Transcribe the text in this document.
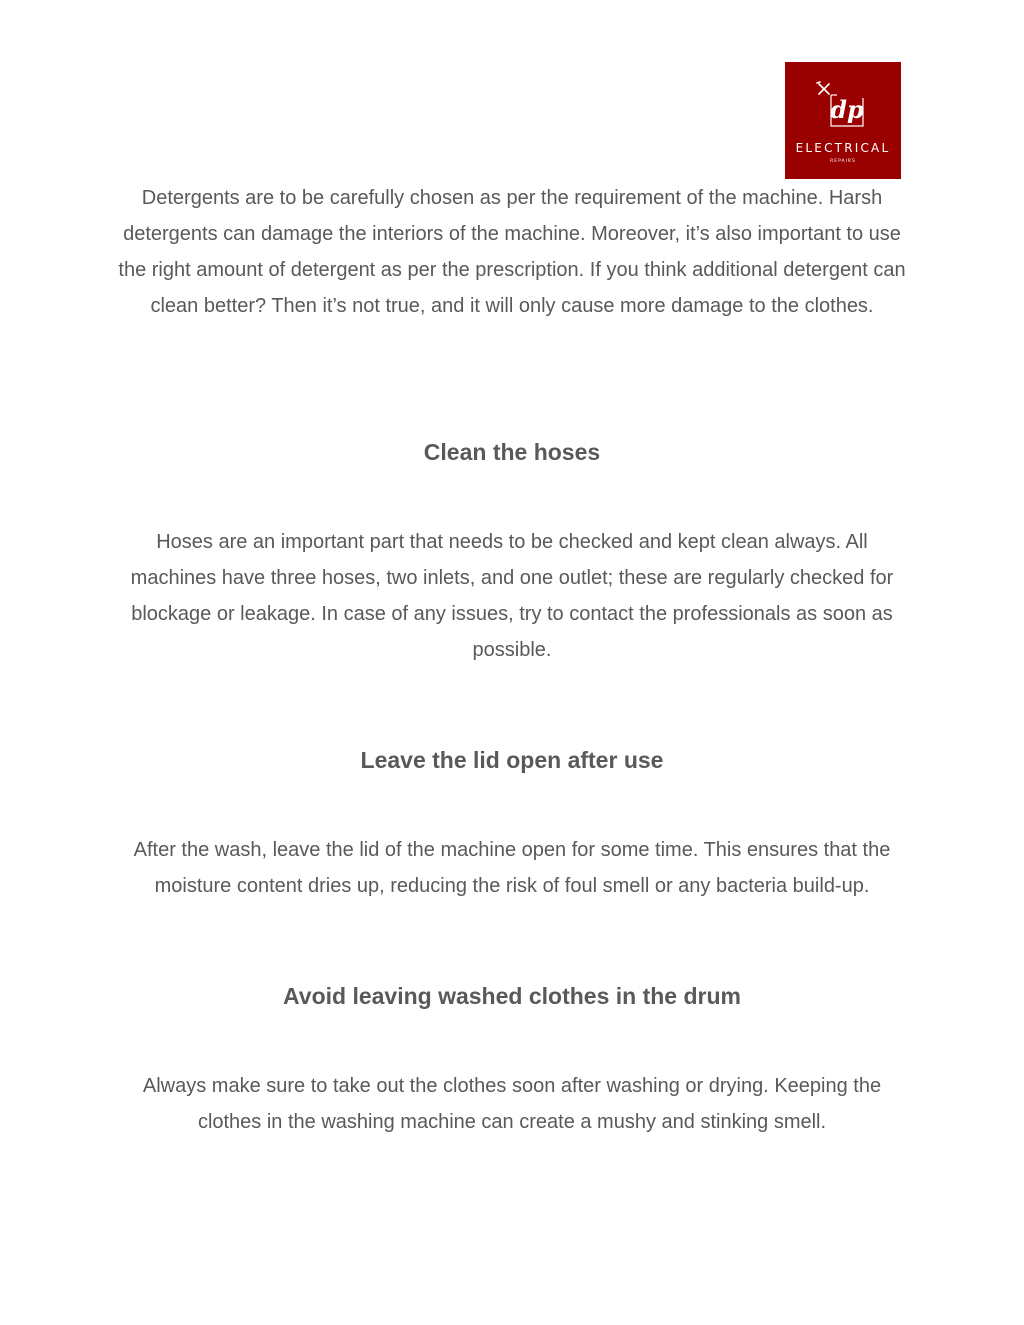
dp
ELECTRICAL
REPAIRS

Detergents are to be carefully chosen as per the requirement of the machine. Harsh detergents can damage the interiors of the machine. Moreover, it’s also important to use the right amount of detergent as per the prescription. If you think additional detergent can clean better? Then it’s not true, and it will only cause more damage to the clothes.

Clean the hoses

Hoses are an important part that needs to be checked and kept clean always. All machines have three hoses, two inlets, and one outlet; these are regularly checked for blockage or leakage. In case of any issues, try to contact the professionals as soon as possible.

Leave the lid open after use

After the wash, leave the lid of the machine open for some time. This ensures that the moisture content dries up, reducing the risk of foul smell or any bacteria build-up.

Avoid leaving washed clothes in the drum

Always make sure to take out the clothes soon after washing or drying. Keeping the clothes in the washing machine can create a mushy and stinking smell.
